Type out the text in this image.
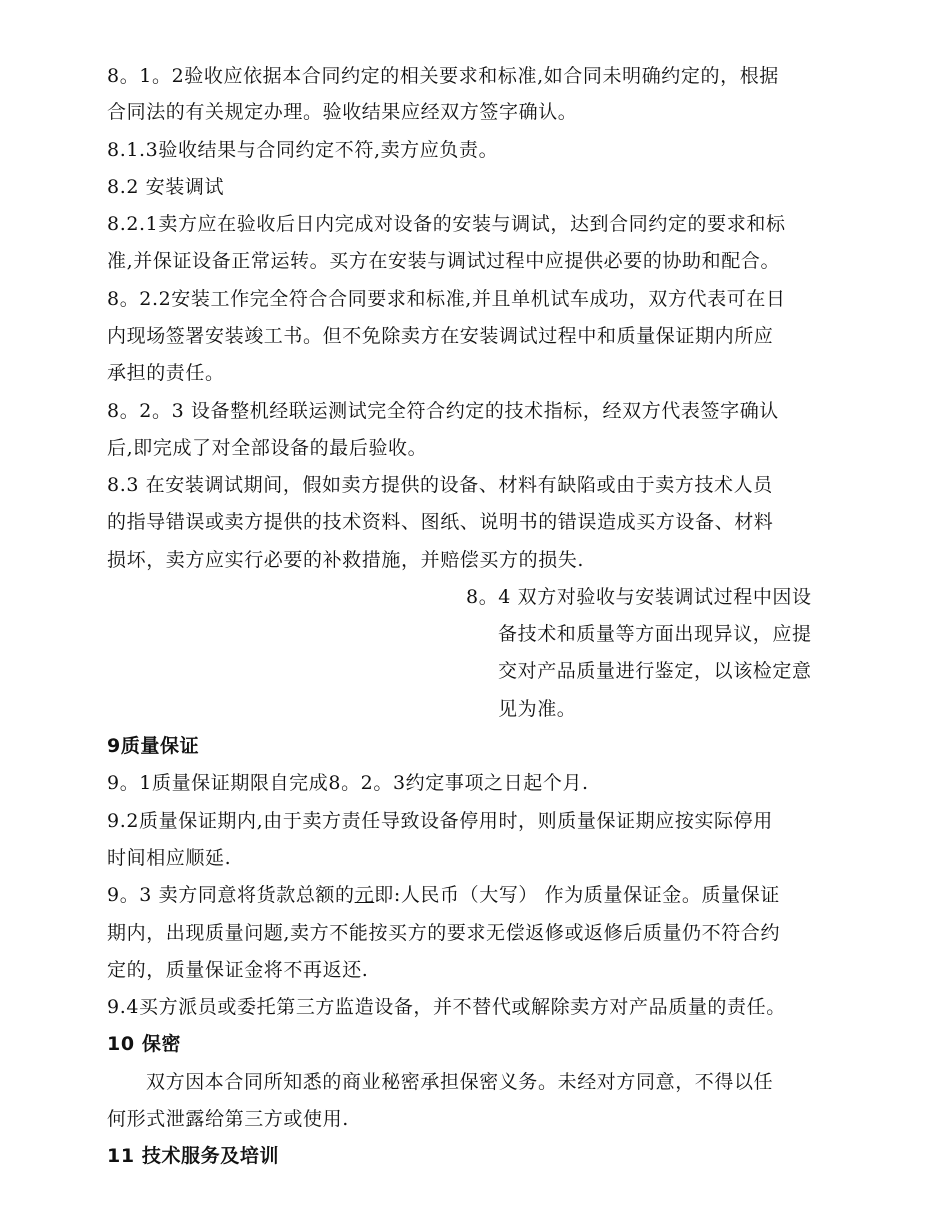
8。1。2验收应依据本合同约定的相关要求和标准,如合同未明确约定的，根据
合同法的有关规定办理。验收结果应经双方签字确认。
8.1.3验收结果与合同约定不符,卖方应负责。
8.2 安装调试
8.2.1卖方应在验收后日内完成对设备的安装与调试，达到合同约定的要求和标
准,并保证设备正常运转。买方在安装与调试过程中应提供必要的协助和配合。
8。2.2安装工作完全符合合同要求和标准,并且单机试车成功，双方代表可在日
内现场签署安装竣工书。但不免除卖方在安装调试过程中和质量保证期内所应
承担的责任。
8。2。3 设备整机经联运测试完全符合约定的技术指标，经双方代表签字确认
后,即完成了对全部设备的最后验收。
8.3 在安装调试期间，假如卖方提供的设备、材料有缺陷或由于卖方技术人员
的指导错误或卖方提供的技术资料、图纸、说明书的错误造成买方设备、材料
损坏，卖方应实行必要的补救措施，并赔偿买方的损失.
8。4 双方对验收与安装调试过程中因设
备技术和质量等方面出现异议，应提
交对产品质量进行鉴定，以该检定意
见为准。
9质量保证
9。1质量保证期限自完成8。2。3约定事项之日起个月.
9.2质量保证期内,由于卖方责任导致设备停用时，则质量保证期应按实际停用
时间相应顺延.
9。3 卖方同意将货款总额的元即:人民币（大写） 作为质量保证金。质量保证
期内，出现质量问题,卖方不能按买方的要求无偿返修或返修后质量仍不符合约
定的，质量保证金将不再返还.
9.4买方派员或委托第三方监造设备，并不替代或解除卖方对产品质量的责任。
10 保密
双方因本合同所知悉的商业秘密承担保密义务。未经对方同意，不得以任
何形式泄露给第三方或使用.
11 技术服务及培训
